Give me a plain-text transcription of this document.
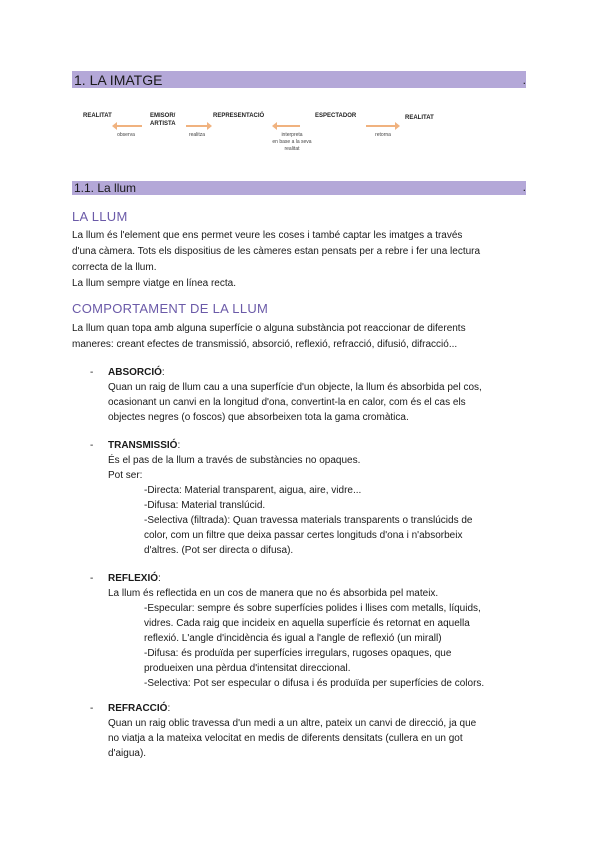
1. LA IMATGE	.
REALITAT	EMISOR/
ARTISTA
REPRESENTACIÓ	ESPECTADOR	REALITAT
observa	realitza	interpreta
en base a la seva
realitat
retorna
1.1. La llum	.
LA LLUM
La llum és l'element que ens permet veure les coses i també captar les imatges a través
d'una càmera. Tots els dispositius de les càmeres estan pensats per a rebre i fer una lectura
correcta de la llum.
La llum sempre viatge en línea recta.
COMPORTAMENT DE LA LLUM
La llum quan topa amb alguna superfície o alguna substància pot reaccionar de diferents
maneres: creant efectes de transmissió, absorció, reflexió, refracció, difusió, difracció...
- ABSORCIÓ:
Quan un raig de llum cau a una superfície d'un objecte, la llum és absorbida pel cos,
ocasionant un canvi en la longitud d'ona, convertint-la en calor, com és el cas els
objectes negres (o foscos) que absorbeixen tota la gama cromàtica.
- TRANSMISSIÓ:
És el pas de la llum a través de substàncies no opaques.
Pot ser:
-Directa: Material transparent, aigua, aire, vidre...
-Difusa: Material translúcid.
-Selectiva (filtrada): Quan travessa materials transparents o translúcids de
color, com un filtre que deixa passar certes longituds d'ona i n'absorbeix
d'altres. (Pot ser directa o difusa).
- REFLEXIÓ:
La llum és reflectida en un cos de manera que no és absorbida pel mateix.
-Especular: sempre és sobre superfícies polides i llises com metalls, líquids,
vidres. Cada raig que incideix en aquella superfície és retornat en aquella
reflexió. L'angle d'incidència és igual a l'angle de reflexió (un mirall)
-Difusa: és produïda per superfícies irregulars, rugoses opaques, que
produeixen una pèrdua d'intensitat direccional.
-Selectiva: Pot ser especular o difusa i és produïda per superfícies de colors.
- REFRACCIÓ:
Quan un raig oblic travessa d'un medi a un altre, pateix un canvi de direcció, ja que
no viatja a la mateixa velocitat en medis de diferents densitats (cullera en un got
d'aigua).
